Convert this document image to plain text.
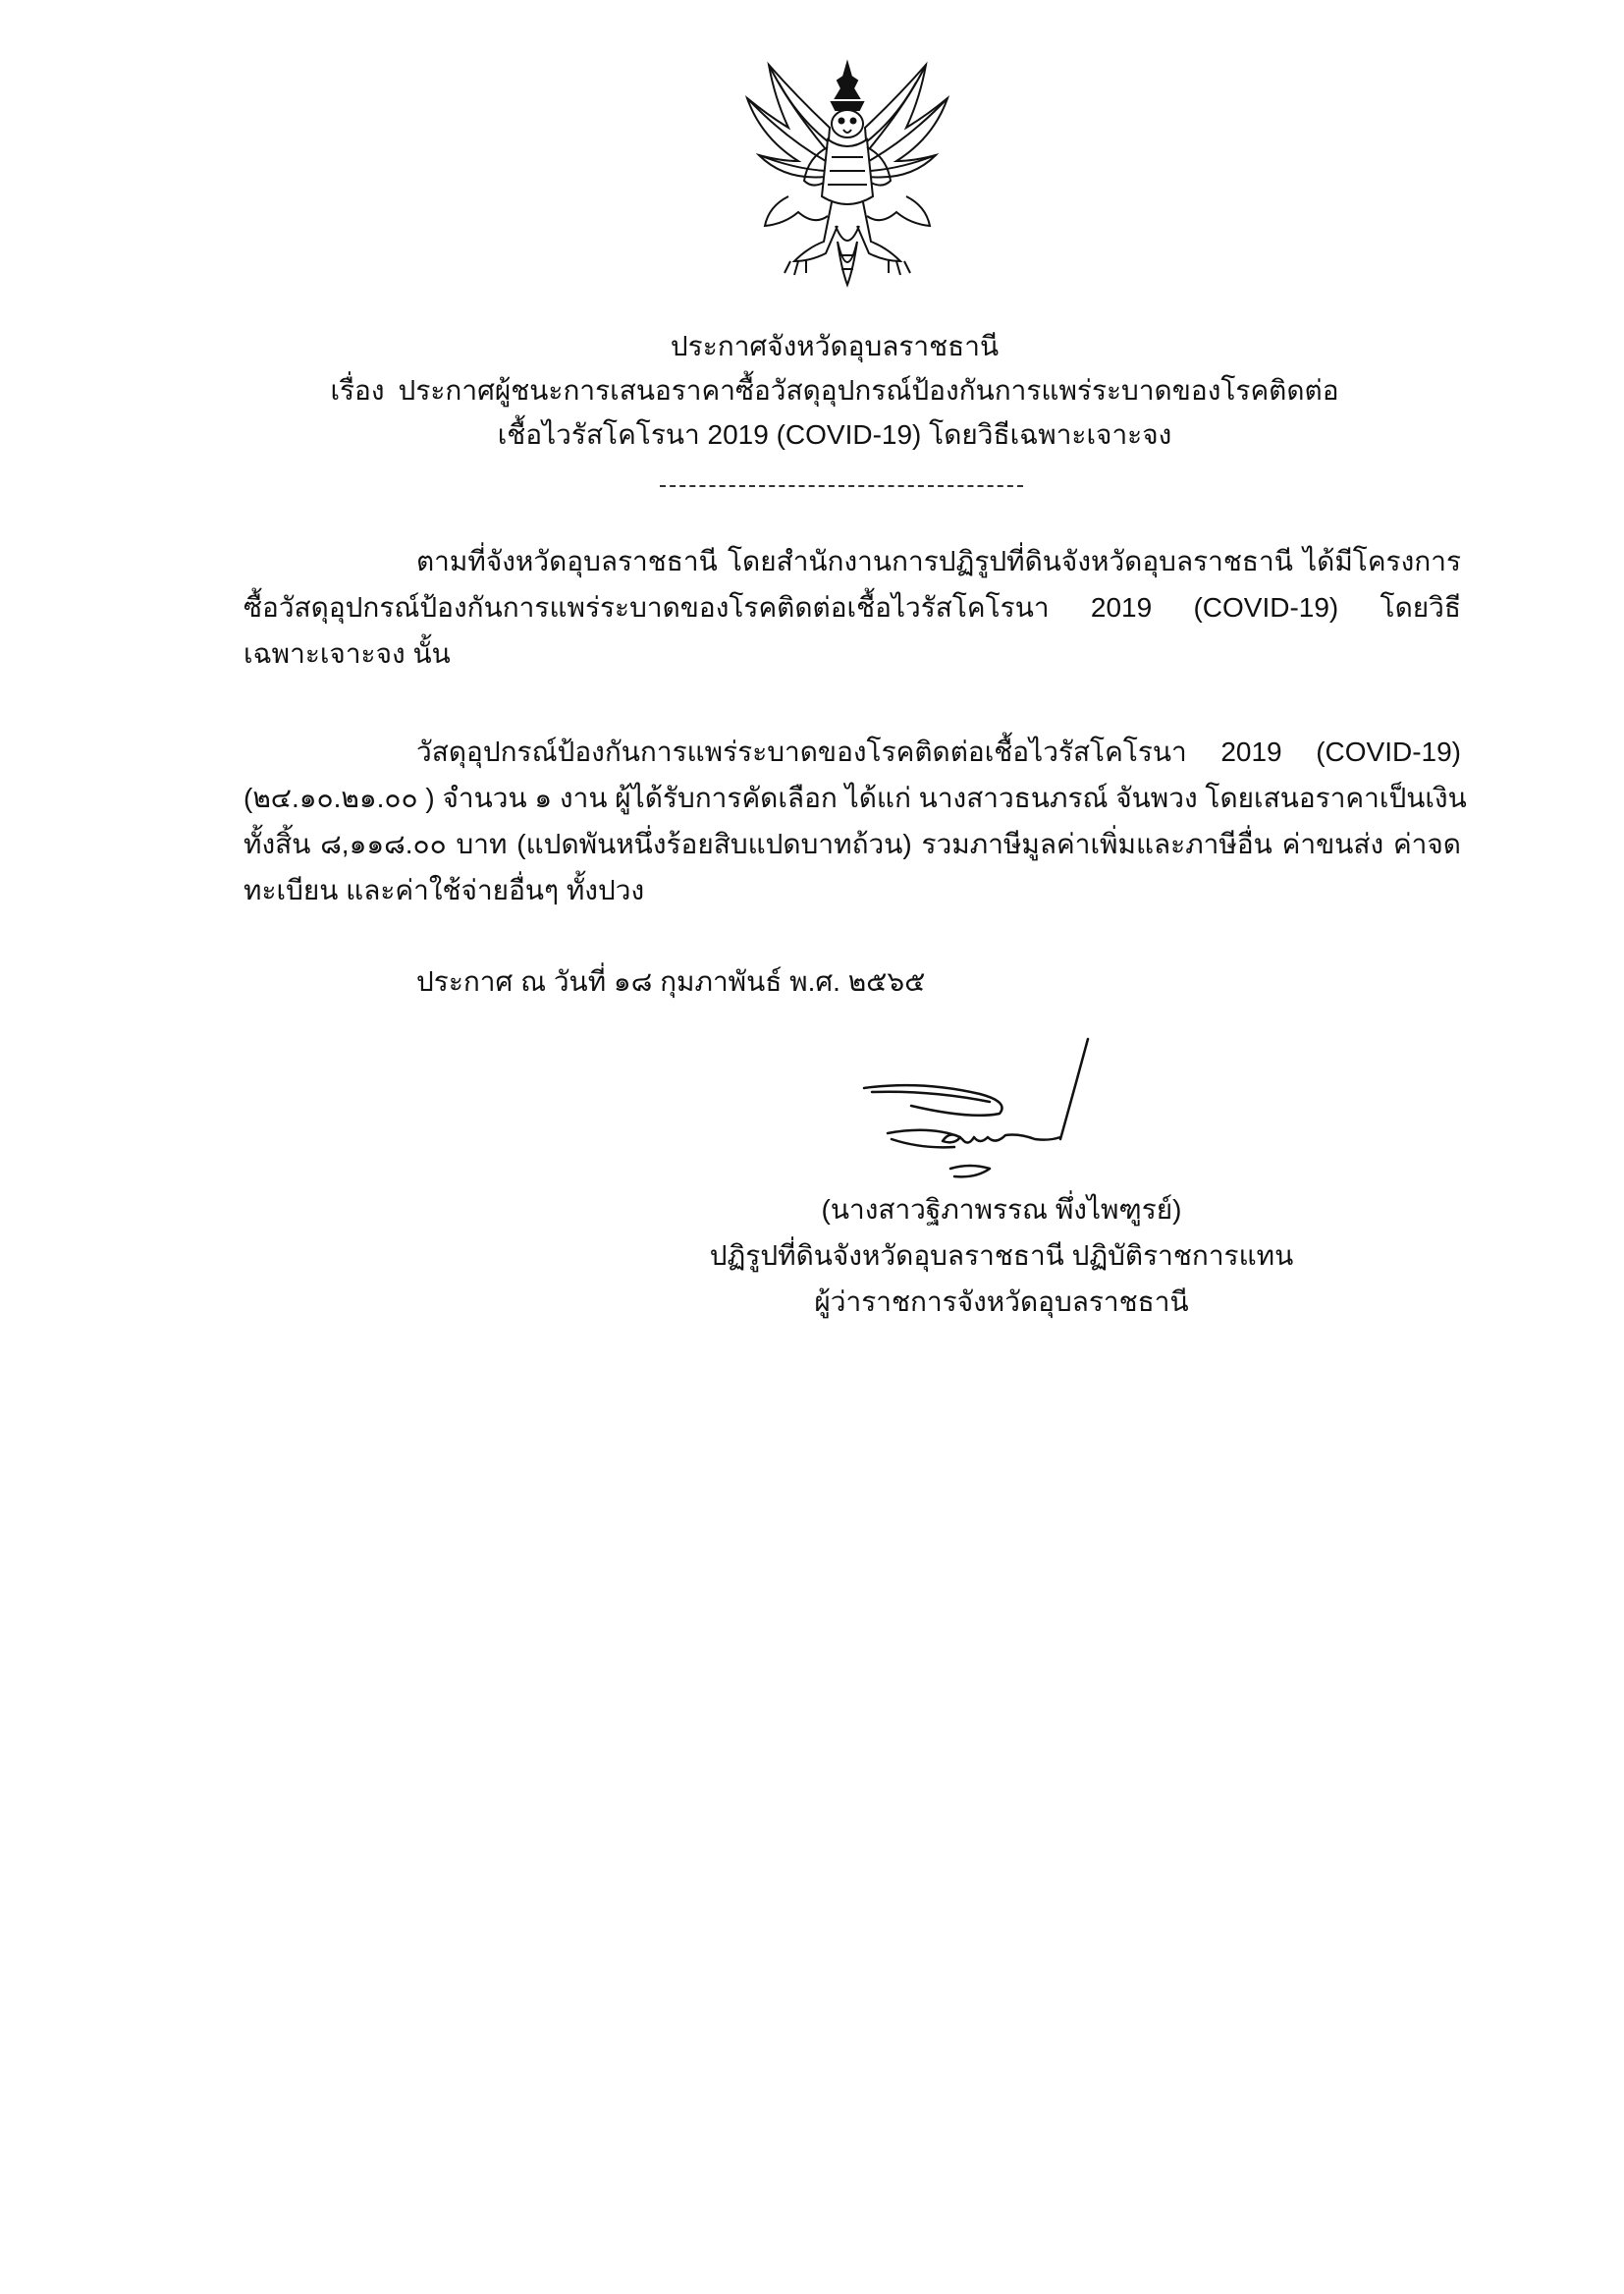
ประกาศจังหวัดอุบลราชธานี
เรื่อง ประกาศผู้ชนะการเสนอราคาซื้อวัสดุอุปกรณ์ป้องกันการแพร่ระบาดของโรคติดต่อ
เชื้อไวรัสโคโรนา 2019 (COVID-19) โดยวิธีเฉพาะเจาะจง
ตามที่จังหวัดอุบลราชธานี โดยสำนักงานการปฏิรูปที่ดินจังหวัดอุบลราชธานี ได้มีโครงการ
ซื้อวัสดุอุปกรณ์ป้องกันการแพร่ระบาดของโรคติดต่อเชื้อไวรัสโคโรนา 2019 (COVID-19) โดยวิธี
เฉพาะเจาะจง นั้น
วัสดุอุปกรณ์ป้องกันการแพร่ระบาดของโรคติดต่อเชื้อไวรัสโคโรนา 2019 (COVID-19)
(๒๔.๑๐.๒๑.๐๐ ) จำนวน ๑ งาน ผู้ได้รับการคัดเลือก ได้แก่ นางสาวธนภรณ์ จันพวง โดยเสนอราคาเป็นเงิน
ทั้งสิ้น ๘,๑๑๘.๐๐ บาท (แปดพันหนึ่งร้อยสิบแปดบาทถ้วน) รวมภาษีมูลค่าเพิ่มและภาษีอื่น ค่าขนส่ง ค่าจด
ทะเบียน และค่าใช้จ่ายอื่นๆ ทั้งปวง
ประกาศ ณ วันที่ ๑๘ กุมภาพันธ์ พ.ศ. ๒๕๖๕
(นางสาวฐิภาพรรณ พึ่งไพฑูรย์)
ปฏิรูปที่ดินจังหวัดอุบลราชธานี ปฏิบัติราชการแทน
ผู้ว่าราชการจังหวัดอุบลราชธานี
